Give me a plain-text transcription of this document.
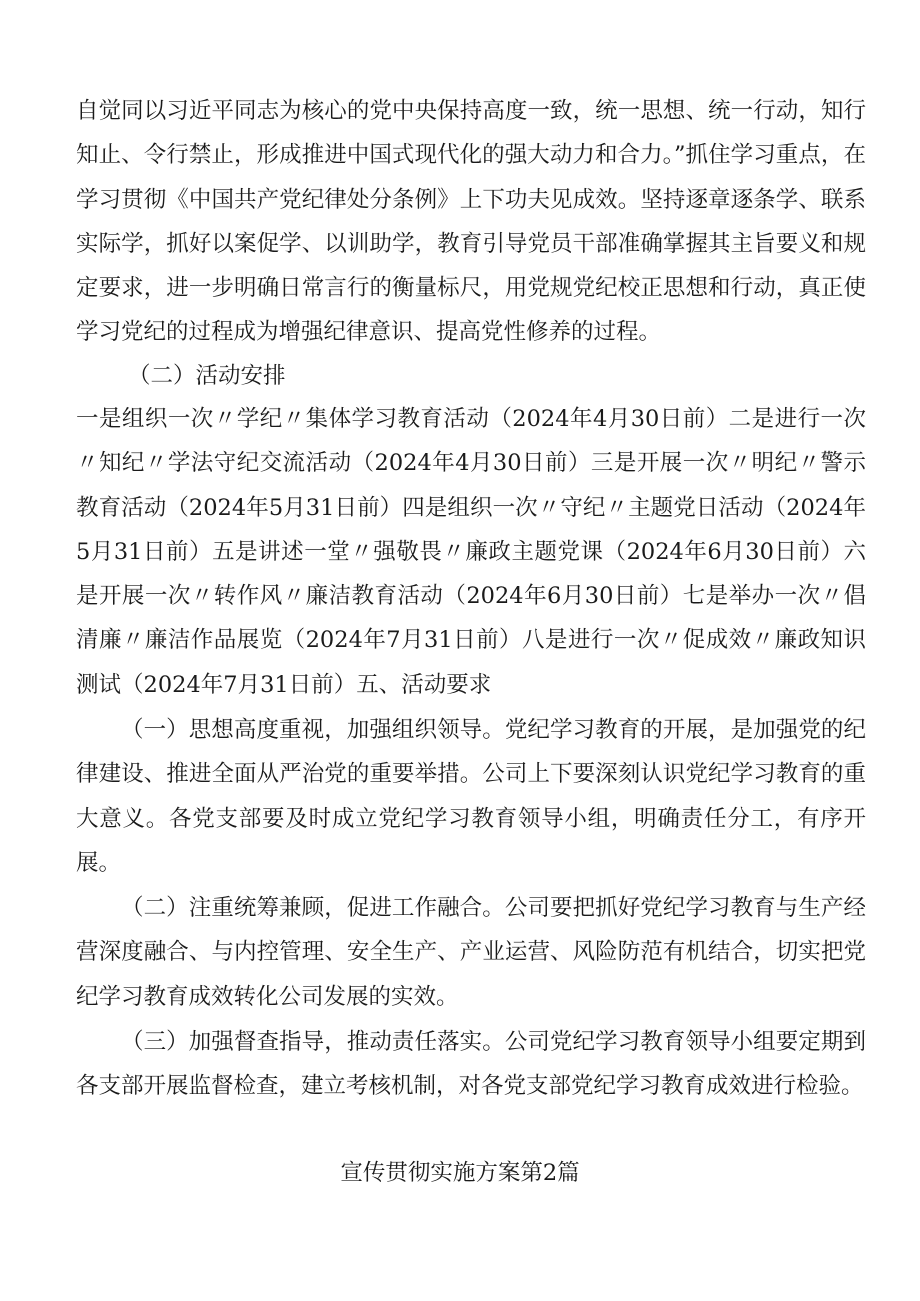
自觉同以习近平同志为核心的党中央保持高度一致，统一思想、统一行动，知行知止、令行禁止，形成推进中国式现代化的强大动力和合力。”抓住学习重点，在学习贯彻《中国共产党纪律处分条例》上下功夫见成效。坚持逐章逐条学、联系实际学，抓好以案促学、以训助学，教育引导党员干部准确掌握其主旨要义和规定要求，进一步明确日常言行的衡量标尺，用党规党纪校正思想和行动，真正使学习党纪的过程成为增强纪律意识、提高党性修养的过程。

（二）活动安排

一是组织一次〃学纪〃集体学习教育活动（2024年4月30日前）二是进行一次〃知纪〃学法守纪交流活动（2024年4月30日前）三是开展一次〃明纪〃警示教育活动（2024年5月31日前）四是组织一次〃守纪〃主题党日活动（2024年5月31日前）五是讲述一堂〃强敬畏〃廉政主题党课（2024年6月30日前）六是开展一次〃转作风〃廉洁教育活动（2024年6月30日前）七是举办一次〃倡清廉〃廉洁作品展览（2024年7月31日前）八是进行一次〃促成效〃廉政知识测试（2024年7月31日前）五、活动要求

（一）思想高度重视，加强组织领导。党纪学习教育的开展，是加强党的纪律建设、推进全面从严治党的重要举措。公司上下要深刻认识党纪学习教育的重大意义。各党支部要及时成立党纪学习教育领导小组，明确责任分工，有序开展。

（二）注重统筹兼顾，促进工作融合。公司要把抓好党纪学习教育与生产经营深度融合、与内控管理、安全生产、产业运营、风险防范有机结合，切实把党纪学习教育成效转化公司发展的实效。

（三）加强督查指导，推动责任落实。公司党纪学习教育领导小组要定期到各支部开展监督检查，建立考核机制，对各党支部党纪学习教育成效进行检验。

宣传贯彻实施方案第2篇
